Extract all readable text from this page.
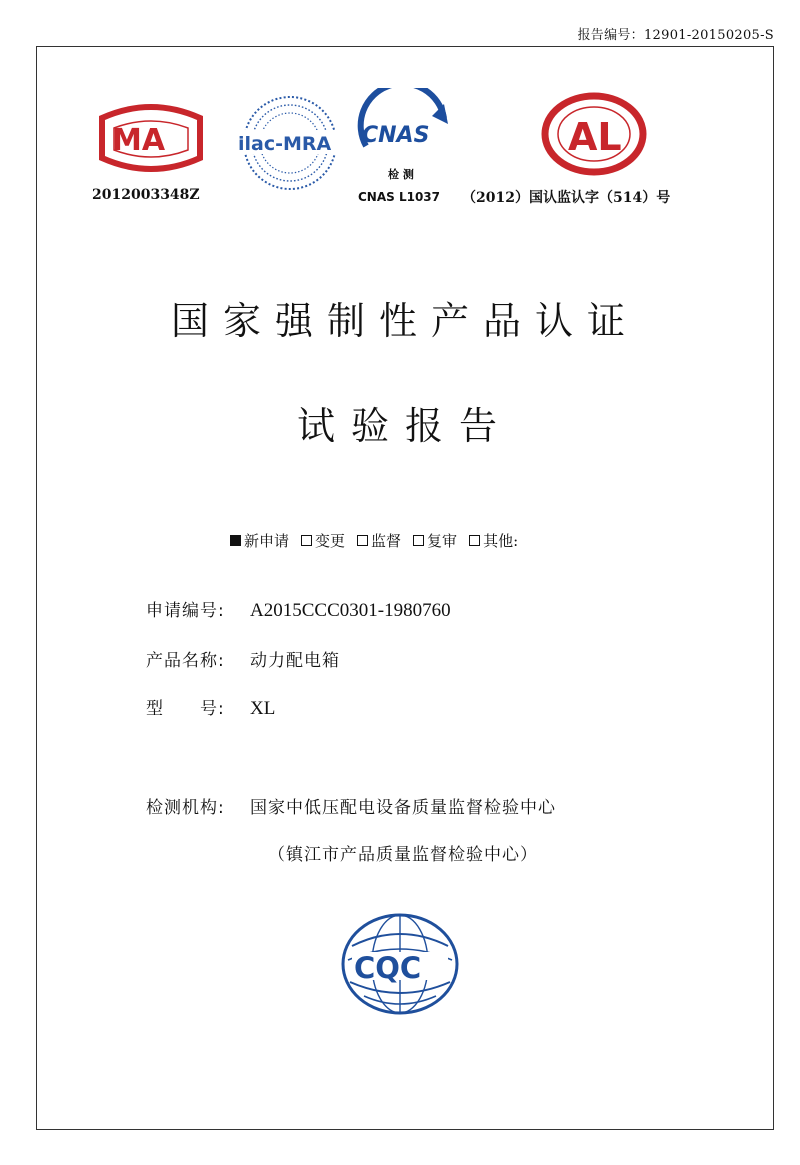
报告编号：12901-20150205-S
MA
2012003348Z
ilac-MRA CNAS
检 测
CNAS L1037
AL
（2012）国认监认字（514）号
国家强制性产品认证
试验报告
新申请 变更 监督 复审 其他:
申请编号:	A2015CCC0301-1980760
产品名称:	动力配电箱
型　　号:	XL
检测机构:	国家中低压配电设备质量监督检验中心
（镇江市产品质量监督检验中心）
CQC
